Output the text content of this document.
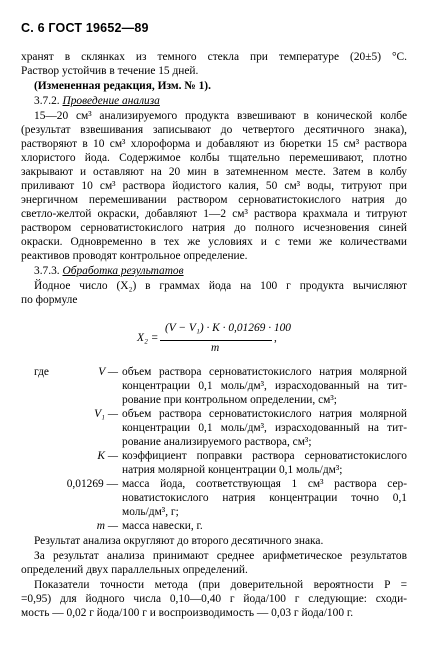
С. 6 ГОСТ 19652—89
хранят в склянках из темного стекла при температуре (20±5) °С.
Раствор устойчив в течение 15 дней.
(Измененная редакция, Изм. № 1).
3.7.2. Проведение анализа
15—20 см³ анализируемого продукта взвешивают в конической колбе
(результат взвешивания записывают до четвертого десятичного знака),
растворяют в 10 см³ хлороформа и добавляют из бюретки 15 см³ раствора
хлористого йода. Содержимое колбы тщательно перемешивают, плотно
закрывают и оставляют на 20 мин в затемненном месте. Затем в колбу
приливают 10 см³ раствора йодистого калия, 50 см³ воды, титруют при
энергичном перемешивании раствором серноватистокислого натрия до
светло-желтой окраски, добавляют 1—2 см³ раствора крахмала и титруют
раствором серноватистокислого натрия до полного исчезновения синей
окраски. Одновременно в тех же условиях и с теми же количествами
реактивов проводят контрольное определение.
3.7.3. Обработка результатов
Йодное число (X₂) в граммах йода на 100 г продукта вычисляют
по формуле
X₂ =
(V − V₁) · K · 0,01269 · 100
m
,
где	V — объем раствора серноватистокислого натрия молярной
концентрации 0,1 моль/дм³, израсходованный на тит-
рование при контрольном определении, см³;
V₁ — объем раствора серноватистокислого натрия молярной
концентрации 0,1 моль/дм³, израсходованный на тит-
рование анализируемого раствора, см³;
K — коэффициент поправки раствора серноватистокислого
натрия молярной концентрации 0,1 моль/дм³;
0,01269 — масса йода, соответствующая 1 см³ раствора сер-
новатистокислого натрия концентрации точно 0,1
моль/дм³, г;
m — масса навески, г.
Результат анализа округляют до второго десятичного знака.
За результат анализа принимают среднее арифметическое результатов
определений двух параллельных определений.
Показатели точности метода (при доверительной вероятности P =
=0,95) для йодного числа 0,10—0,40 г йода/100 г следующие: сходи-
мость — 0,02 г йода/100 г и воспроизводимость — 0,03 г йода/100 г.
